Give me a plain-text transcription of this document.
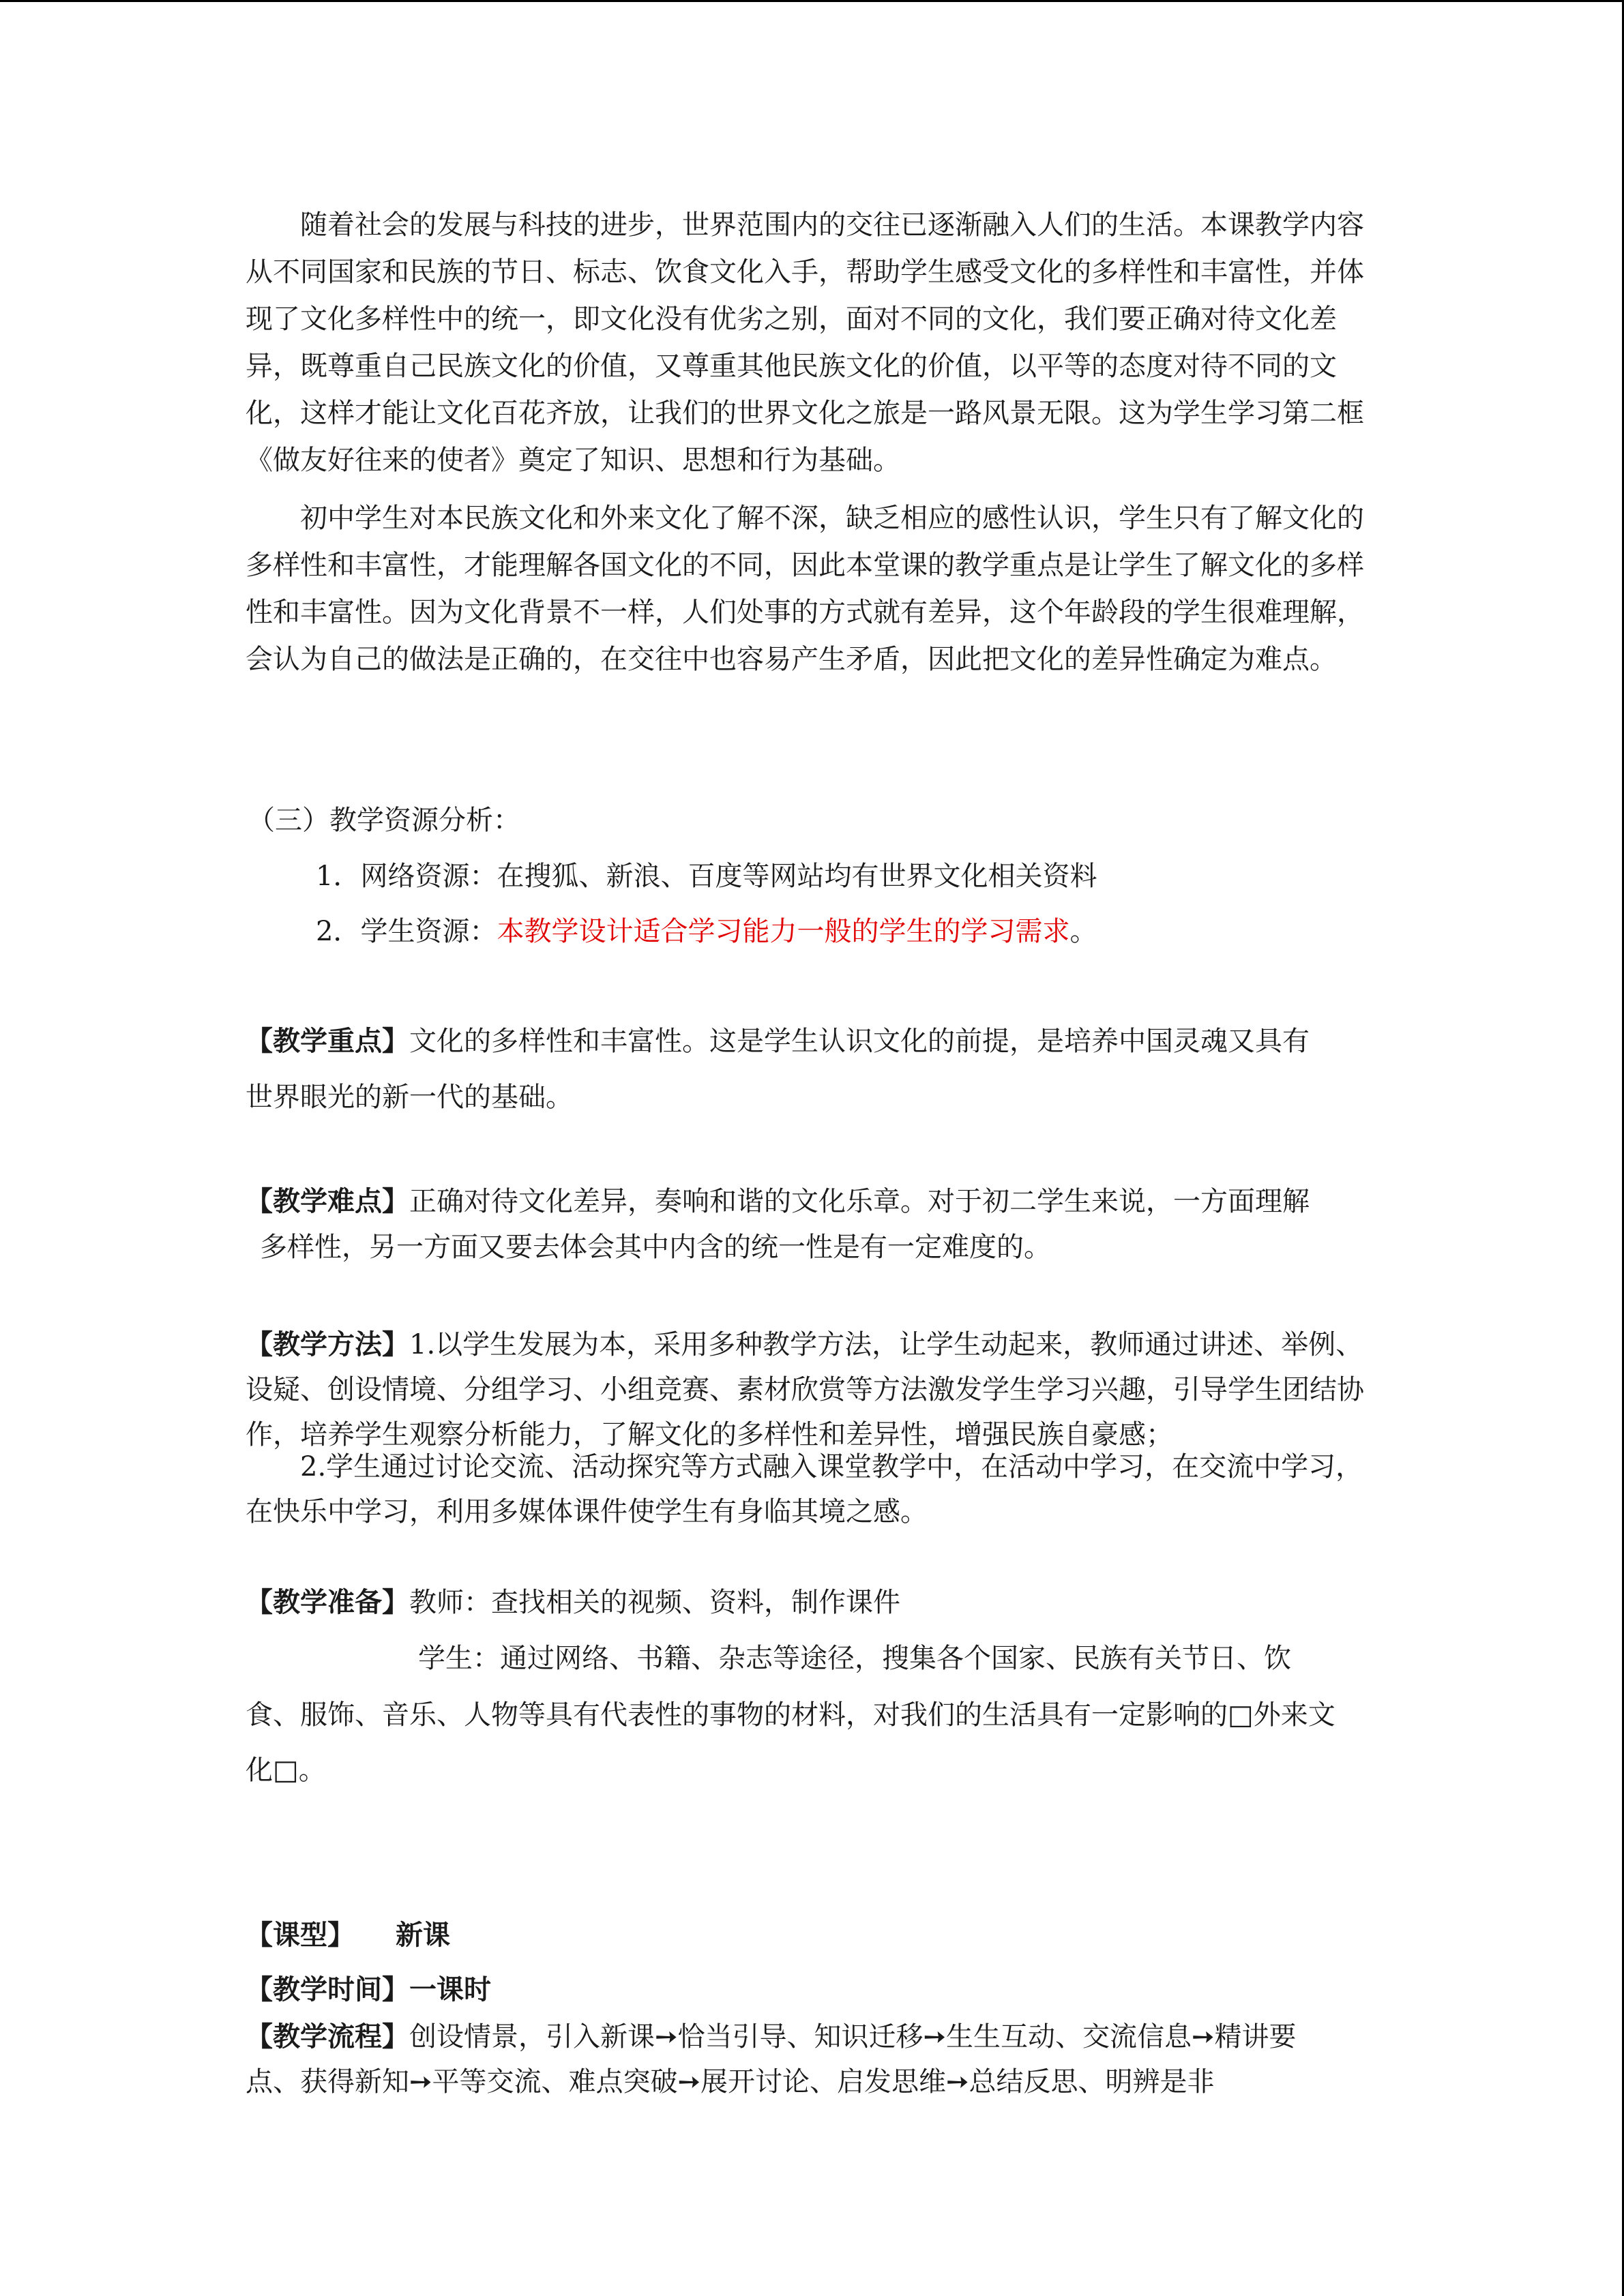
随着社会的发展与科技的进步，世界范围内的交往已逐渐融入人们的生活。本课教学内容从不同国家和民族的节日、标志、饮食文化入手，帮助学生感受文化的多样性和丰富性，并体现了文化多样性中的统一，即文化没有优劣之别，面对不同的文化，我们要正确对待文化差异，既尊重自己民族文化的价值，又尊重其他民族文化的价值，以平等的态度对待不同的文化，这样才能让文化百花齐放，让我们的世界文化之旅是一路风景无限。这为学生学习第二框《做友好往来的使者》奠定了知识、思想和行为基础。

初中学生对本民族文化和外来文化了解不深，缺乏相应的感性认识，学生只有了解文化的多样性和丰富性，才能理解各国文化的不同，因此本堂课的教学重点是让学生了解文化的多样性和丰富性。因为文化背景不一样，人们处事的方式就有差异，这个年龄段的学生很难理解，会认为自己的做法是正确的，在交往中也容易产生矛盾，因此把文化的差异性确定为难点。

（三）教学资源分析：
1．网络资源：在搜狐、新浪、百度等网站均有世界文化相关资料
2．学生资源：本教学设计适合学习能力一般的学生的学习需求。
【教学重点】文化的多样性和丰富性。这是学生认识文化的前提，是培养中国灵魂又具有
世界眼光的新一代的基础。
【教学难点】正确对待文化差异，奏响和谐的文化乐章。对于初二学生来说，一方面理解
多样性，另一方面又要去体会其中内含的统一性是有一定难度的。

【教学方法】1.以学生发展为本，采用多种教学方法，让学生动起来，教师通过讲述、举例、设疑、创设情境、分组学习、小组竞赛、素材欣赏等方法激发学生学习兴趣，引导学生团结协作，培养学生观察分析能力，了解文化的多样性和差异性，增强民族自豪感；

2.学生通过讨论交流、活动探究等方式融入课堂教学中，在活动中学习，在交流中学习，在快乐中学习，利用多媒体课件使学生有身临其境之感。

【教学准备】教师：查找相关的视频、资料，制作课件
学生：通过网络、书籍、杂志等途径，搜集各个国家、民族有关节日、饮
食、服饰、音乐、人物等具有代表性的事物的材料，对我们的生活具有一定影响的□外来文
化□。
【课型】 新课
【教学时间】一课时
【教学流程】创设情景，引入新课➙恰当引导、知识迁移➙生生互动、交流信息➙精讲要
点、获得新知➙平等交流、难点突破➙展开讨论、启发思维➙总结反思、明辨是非
